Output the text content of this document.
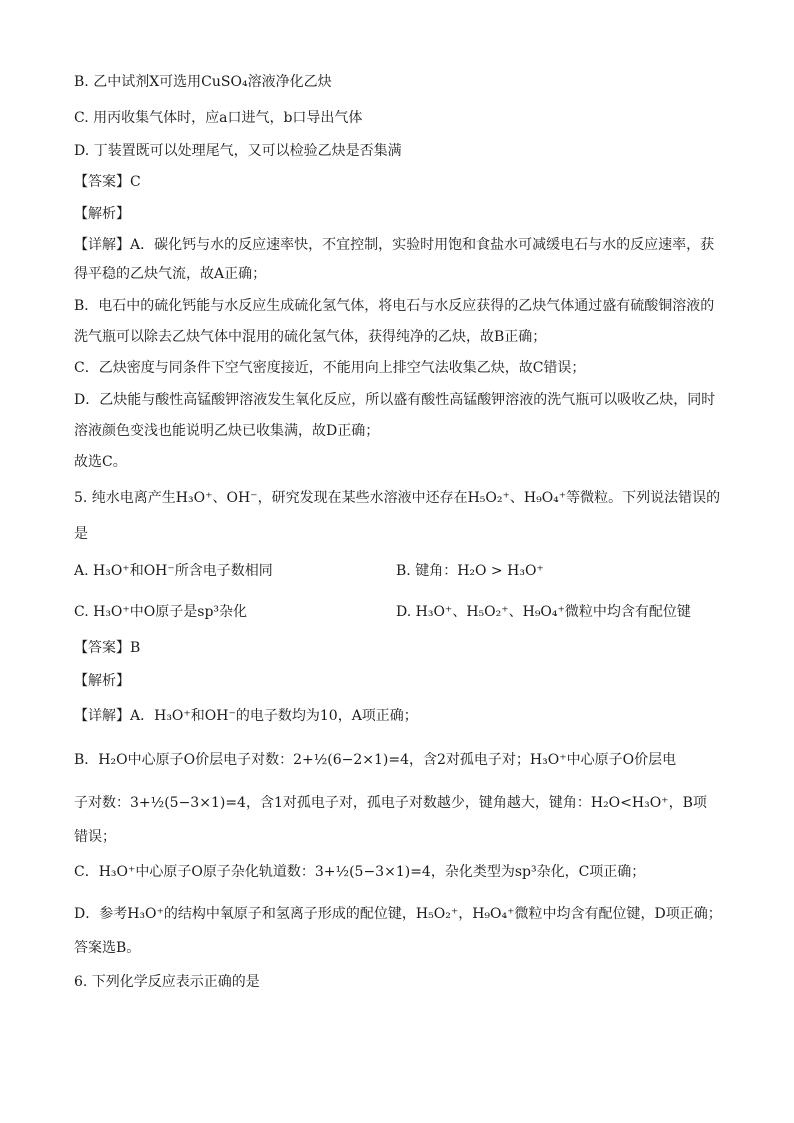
B. 乙中试剂X可选用CuSO₄溶液净化乙炔
C. 用丙收集气体时，应a口进气，b口导出气体
D. 丁装置既可以处理尾气，又可以检验乙炔是否集满
【答案】C
【解析】
【详解】A．碳化钙与水的反应速率快，不宜控制，实验时用饱和食盐水可减缓电石与水的反应速率，获
得平稳的乙炔气流，故A正确；
B．电石中的硫化钙能与水反应生成硫化氢气体，将电石与水反应获得的乙炔气体通过盛有硫酸铜溶液的
洗气瓶可以除去乙炔气体中混用的硫化氢气体，获得纯净的乙炔，故B正确；
C．乙炔密度与同条件下空气密度接近，不能用向上排空气法收集乙炔，故C错误；
D．乙炔能与酸性高锰酸钾溶液发生氧化反应，所以盛有酸性高锰酸钾溶液的洗气瓶可以吸收乙炔，同时
溶液颜色变浅也能说明乙炔已收集满，故D正确；
故选C。
5. 纯水电离产生H₃O⁺、OH⁻，研究发现在某些水溶液中还存在H₅O₂⁺、H₉O₄⁺等微粒。下列说法错误的
是
A. H₃O⁺和OH⁻所含电子数相同	B. 键角：H₂O > H₃O⁺
C. H₃O⁺中O原子是sp³杂化	D. H₃O⁺、H₅O₂⁺、H₉O₄⁺微粒中均含有配位键
【答案】B
【解析】
【详解】A．H₃O⁺和OH⁻的电子数均为10，A项正确；
B．H₂O中心原子O价层电子对数：2+½(6−2×1)=4，含2对孤电子对；H₃O⁺中心原子O价层电
子对数：3+½(5−3×1)=4，含1对孤电子对，孤电子对数越少，键角越大，键角：H₂O<H₃O⁺，B项
错误；
C．H₃O⁺中心原子O原子杂化轨道数：3+½(5−3×1)=4，杂化类型为sp³杂化，C项正确；
D．参考H₃O⁺的结构中氧原子和氢离子形成的配位键，H₅O₂⁺，H₉O₄⁺微粒中均含有配位键，D项正确；
答案选B。
6. 下列化学反应表示正确的是
